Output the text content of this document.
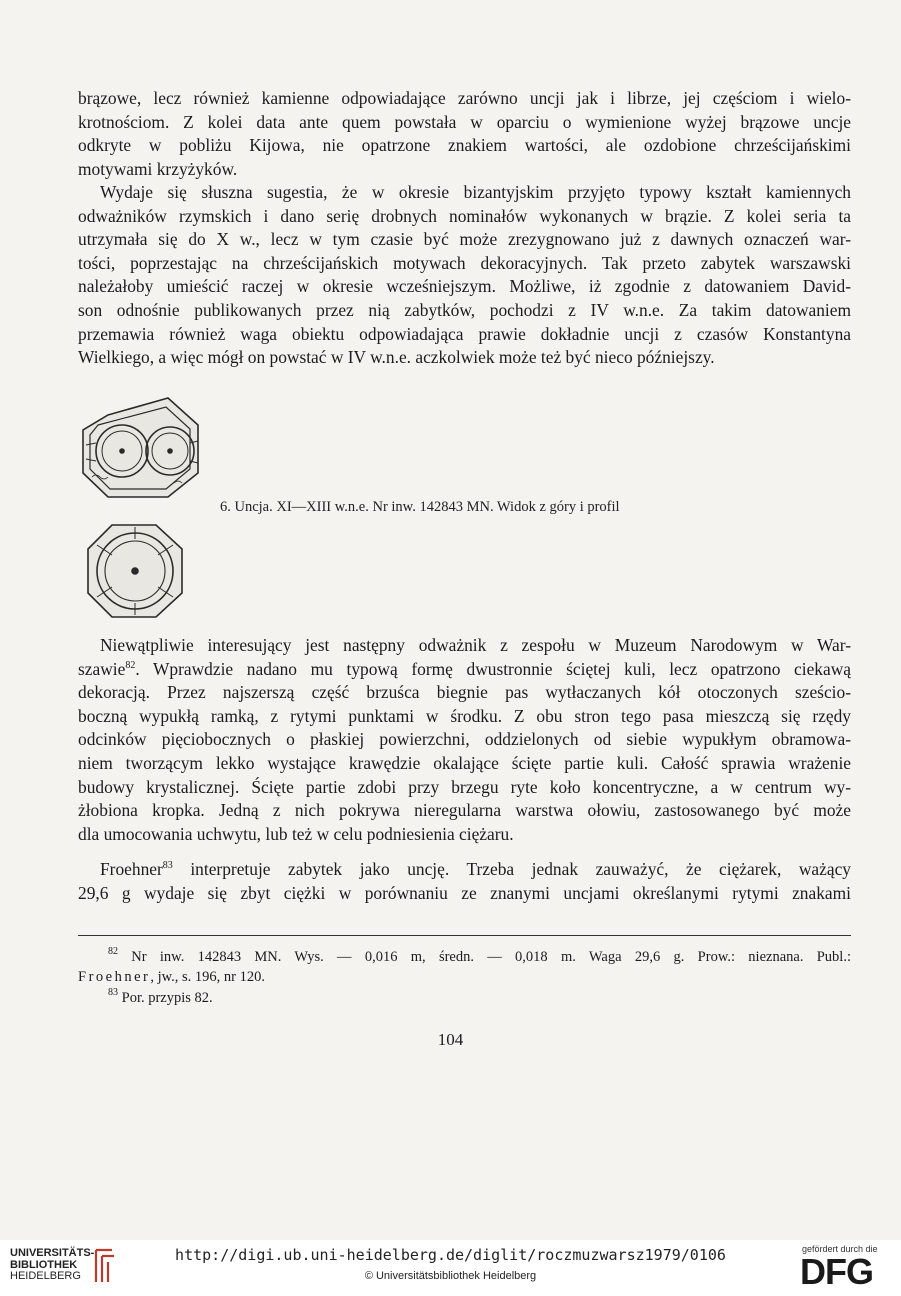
brązowe, lecz również kamienne odpowiadające zarówno uncji jak i librze, jej częściom i wielo-
krotnościom. Z kolei data ante quem powstała w oparciu o wymienione wyżej brązowe uncje
odkryte w pobliżu Kijowa, nie opatrzone znakiem wartości, ale ozdobione chrześcijańskimi
motywami krzyżyków.
Wydaje się słuszna sugestia, że w okresie bizantyjskim przyjęto typowy kształt kamiennych
odważników rzymskich i dano serię drobnych nominałów wykonanych w brązie. Z kolei seria ta
utrzymała się do X w., lecz w tym czasie być może zrezygnowano już z dawnych oznaczeń war-
tości, poprzestając na chrześcijańskich motywach dekoracyjnych. Tak przeto zabytek warszawski
należałoby umieścić raczej w okresie wcześniejszym. Możliwe, iż zgodnie z datowaniem David-
son odnośnie publikowanych przez nią zabytków, pochodzi z IV w.n.e. Za takim datowaniem
przemawia również waga obiektu odpowiadająca prawie dokładnie uncji z czasów Konstantyna
Wielkiego, a więc mógł on powstać w IV w.n.e. aczkolwiek może też być nieco późniejszy.
6. Uncja. XI—XIII w.n.e. Nr inw. 142843 MN. Widok z góry i profil
Niewątpliwie interesujący jest następny odważnik z zespołu w Muzeum Narodowym w War-
szawie$^{82}$. Wprawdzie nadano mu typową formę dwustronnie ściętej kuli, lecz opatrzono ciekawą
dekoracją. Przez najszerszą część brzuśca biegnie pas wytłaczanych kół otoczonych sześcio-
boczną wypukłą ramką, z rytymi punktami w środku. Z obu stron tego pasa mieszczą się rzędy
odcinków pięciobocznych o płaskiej powierzchni, oddzielonych od siebie wypukłym obramowa-
niem tworzącym lekko wystające krawędzie okalające ścięte partie kuli. Całość sprawia wrażenie
budowy krystalicznej. Ścięte partie zdobi przy brzegu ryte koło koncentryczne, a w centrum wy-
żłobiona kropka. Jedną z nich pokrywa nieregularna warstwa ołowiu, zastosowanego być może
dla umocowania uchwytu, lub też w celu podniesienia ciężaru.
Froehner$^{83}$ interpretuje zabytek jako uncję. Trzeba jednak zauważyć, że ciężarek, ważący
29,6 g wydaje się zbyt ciężki w porównaniu ze znanymi uncjami określanymi rytymi znakami
$^{82}$ Nr inw. 142843 MN. Wys. — 0,016 m, średn. — 0,018 m. Waga 29,6 g. Prow.: nieznana. Publ.:
Froehner, jw., s. 196, nr 120.
$^{83}$ Por. przypis 82.
104
UNIVERSITÄTS-
BIBLIOTHEK
HEIDELBERG
http://digi.ub.uni-heidelberg.de/diglit/roczmuzwarsz1979/0106
© Universitätsbibliothek Heidelberg
gefördert durch die
DFG
